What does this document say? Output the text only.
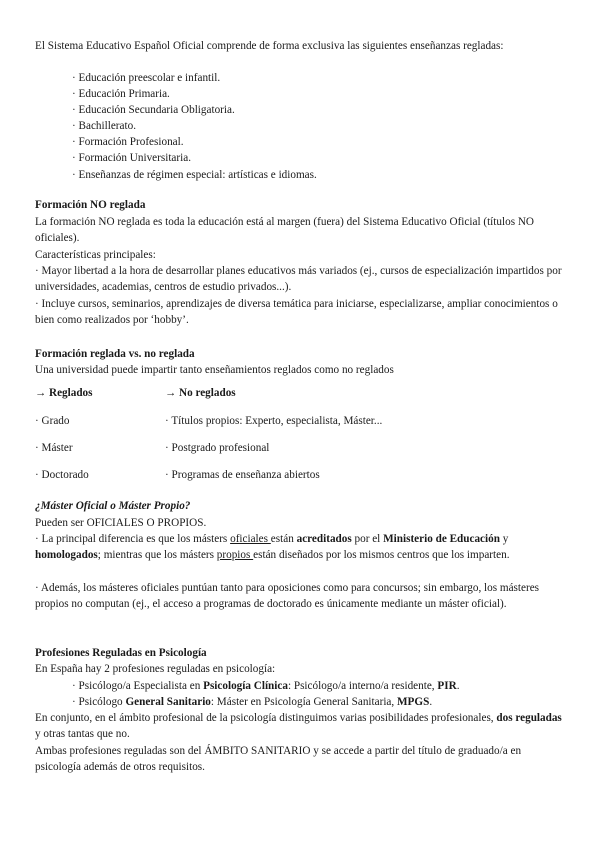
El Sistema Educativo Español Oficial comprende de forma exclusiva las siguientes enseñanzas regladas:

· Educación preescolar e infantil.

· Educación Primaria.

· Educación Secundaria Obligatoria.

· Bachillerato.

· Formación Profesional.

· Formación Universitaria.

· Enseñanzas de régimen especial: artísticas e idiomas.

Formación NO reglada

La formación NO reglada es toda la educación está al margen (fuera) del Sistema Educativo Oficial (títulos NO oficiales).

Características principales:

· Mayor libertad a la hora de desarrollar planes educativos más variados (ej., cursos de especialización impartidos por universidades, academias, centros de estudio privados...).

· Incluye cursos, seminarios, aprendizajes de diversa temática para iniciarse, especializarse, ampliar conocimientos o bien como realizados por ‘hobby’.

Formación reglada vs. no reglada

Una universidad puede impartir tanto enseñamientos reglados como no reglados

→ Reglados	→ No reglados

· Grado	· Títulos propios: Experto, especialista, Máster...

· Máster	· Postgrado profesional

· Doctorado	· Programas de enseñanza abiertos

¿Máster Oficial o Máster Propio?

Pueden ser OFICIALES O PROPIOS.

· La principal diferencia es que los másters oficiales están acreditados por el Ministerio de Educación y homologados; mientras que los másters propios están diseñados por los mismos centros que los imparten.

· Además, los másteres oficiales puntúan tanto para oposiciones como para concursos; sin embargo, los másteres propios no computan (ej., el acceso a programas de doctorado es únicamente mediante un máster oficial).

Profesiones Reguladas en Psicología

En España hay 2 profesiones reguladas en psicología:

· Psicólogo/a Especialista en Psicología Clínica: Psicólogo/a interno/a residente, PIR.

· Psicólogo General Sanitario: Máster en Psicología General Sanitaria, MPGS.

En conjunto, en el ámbito profesional de la psicología distinguimos varias posibilidades profesionales, dos reguladas y otras tantas que no.

Ambas profesiones reguladas son del ÁMBITO SANITARIO y se accede a partir del título de graduado/a en psicología además de otros requisitos.
